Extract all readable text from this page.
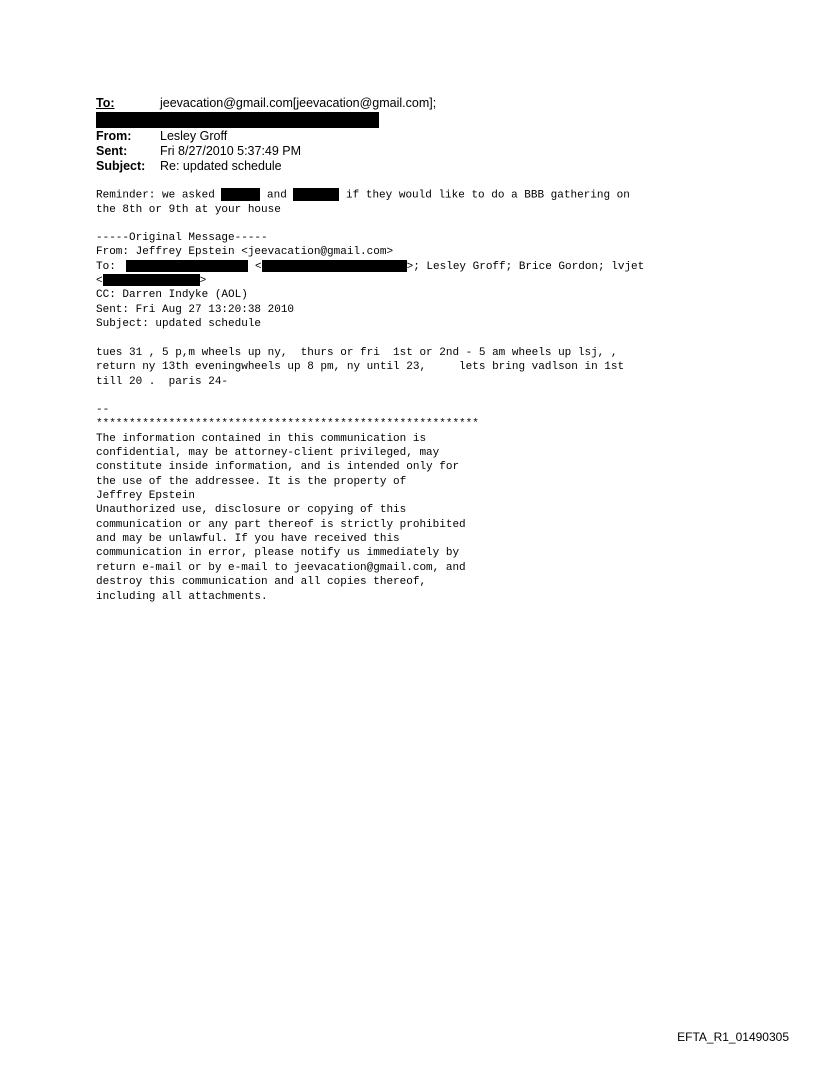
To:	jeevacation@gmail.com[jeevacation@gmail.com];
From: Lesley Groff
Sent:	Fri 8/27/2010 5:37:49 PM
Subject: Re: updated schedule
Reminder: we asked	and	if they would like to do a BBB gathering on
the 8th or 9th at your house
-----Original Message-----
From: Jeffrey Epstein <jeevacation@gmail.com>
To:	<	>; Lesley Groff; Brice Gordon; lvjet
<	>
CC: Darren Indyke (AOL)
Sent: Fri Aug 27 13:20:38 2010
Subject: updated schedule
tues 31 , 5 p,m wheels up ny,  thurs or fri  1st or 2nd - 5 am wheels up lsj, ,
return ny 13th eveningwheels up 8 pm, ny until 23,     lets bring vadlson in 1st
till 20 .  paris 24-
--
**********************************************************
The information contained in this communication is
confidential, may be attorney-client privileged, may
constitute inside information, and is intended only for
the use of the addressee. It is the property of
Jeffrey Epstein
Unauthorized use, disclosure or copying of this
communication or any part thereof is strictly prohibited
and may be unlawful. If you have received this
communication in error, please notify us immediately by
return e-mail or by e-mail to jeevacation@gmail.com, and
destroy this communication and all copies thereof,
including all attachments.
EFTA_R1_01490305
